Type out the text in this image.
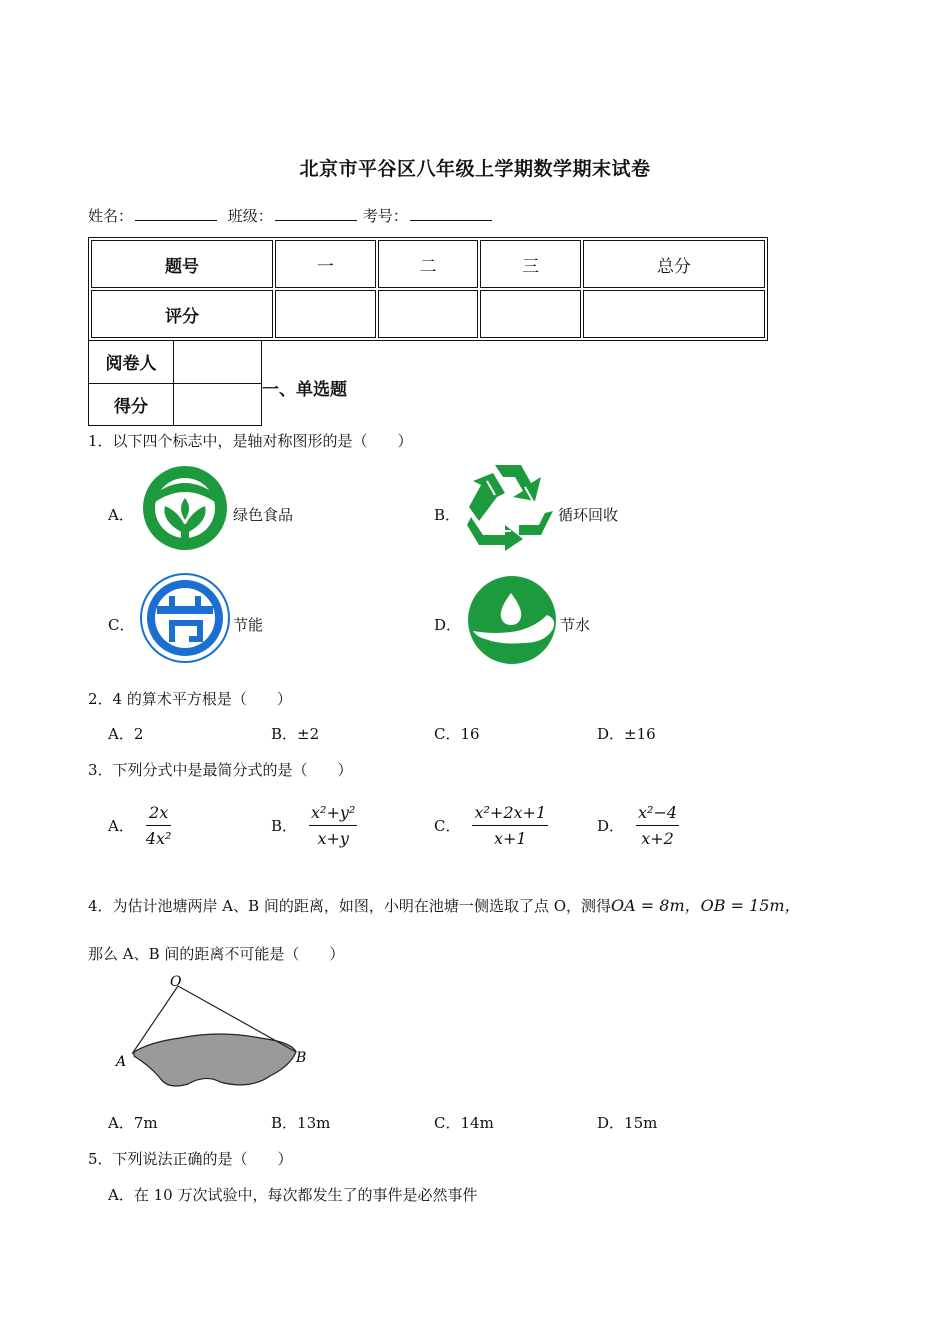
北京市平谷区八年级上学期数学期末试卷
姓名：	班级：	考号：
题号	一	二	三	总分
评分				
阅卷人	
得分	
一、单选题
1．以下四个标志中，是轴对称图形的是（　　）
A．	绿色食品	B．	循环回收
C．	节能	D．	节水
2．4 的算术平方根是（　　）
A．2	B．±2	C．16	D．±16
3．下列分式中是最简分式的是（　　）
A． $\frac{2x}{\text{4x²}}$	B． $\frac{\text{x²+y²}}{x+y}$	C． $\frac{\text{x²+2x+1}}{x+1}$	D． $\frac{\text{x²−4}}{x+2}$
4．为估计池塘两岸 A、B 间的距离，如图，小明在池塘一侧选取了点 O，测得OA = 8m，OB = 15m，
那么 A、B 间的距离不可能是（　　）
O
A	B
A．7m	B．13m	C．14m	D．15m
5．下列说法正确的是（　　）
A．在 10 万次试验中，每次都发生了的事件是必然事件
